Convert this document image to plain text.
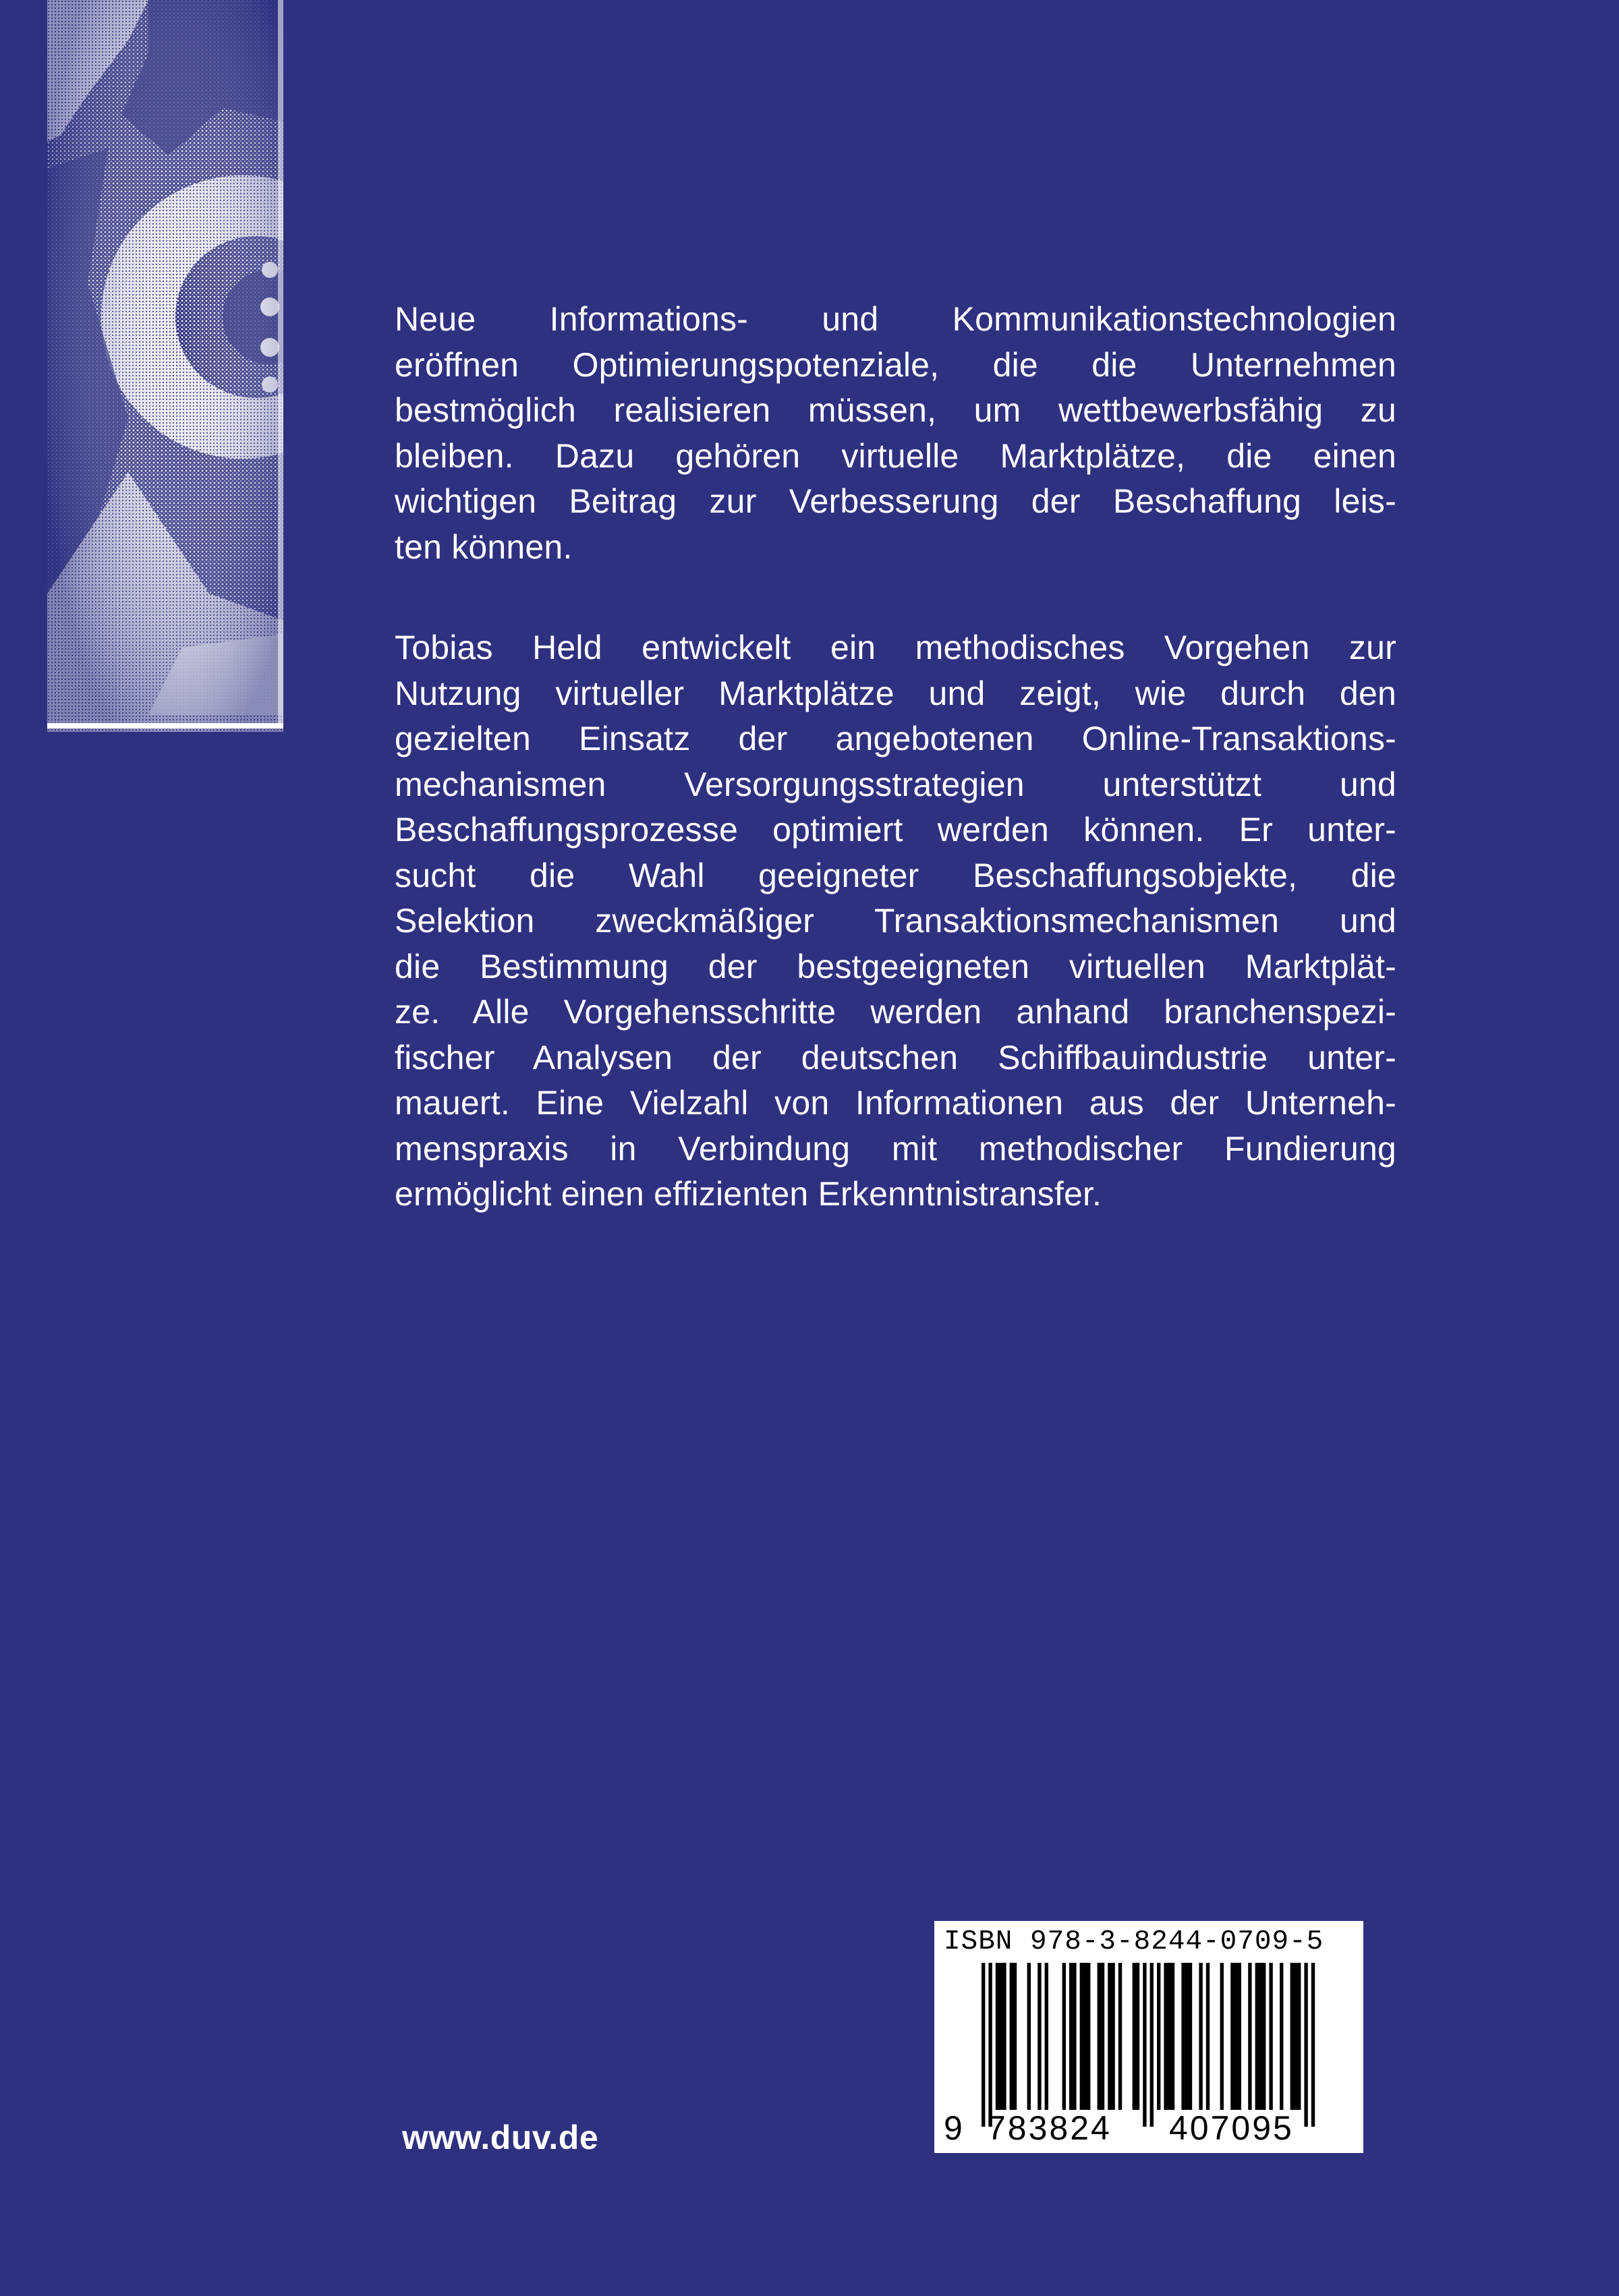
Neue Informations- und Kommunikationstechnologien
eröffnen Optimierungspotenziale, die die Unternehmen
bestmöglich realisieren müssen, um wettbewerbsfähig zu
bleiben. Dazu gehören virtuelle Marktplätze, die einen
wichtigen Beitrag zur Verbesserung der Beschaffung leis-
ten können.

Tobias Held entwickelt ein methodisches Vorgehen zur
Nutzung virtueller Marktplätze und zeigt, wie durch den
gezielten Einsatz der angebotenen Online-Transaktions-
mechanismen Versorgungsstrategien unterstützt und
Beschaffungsprozesse optimiert werden können. Er unter-
sucht die Wahl geeigneter Beschaffungsobjekte, die
Selektion zweckmäßiger Transaktionsmechanismen und
die Bestimmung der bestgeeigneten virtuellen Marktplät-
ze. Alle Vorgehensschritte werden anhand branchenspezi-
fischer Analysen der deutschen Schiffbauindustrie unter-
mauert. Eine Vielzahl von Informationen aus der Unterneh-
menspraxis in Verbindung mit methodischer Fundierung
ermöglicht einen effizienten Erkenntnistransfer.

www.duv.de
ISBN 978-3-8244-0709-5
9 783824 407095
